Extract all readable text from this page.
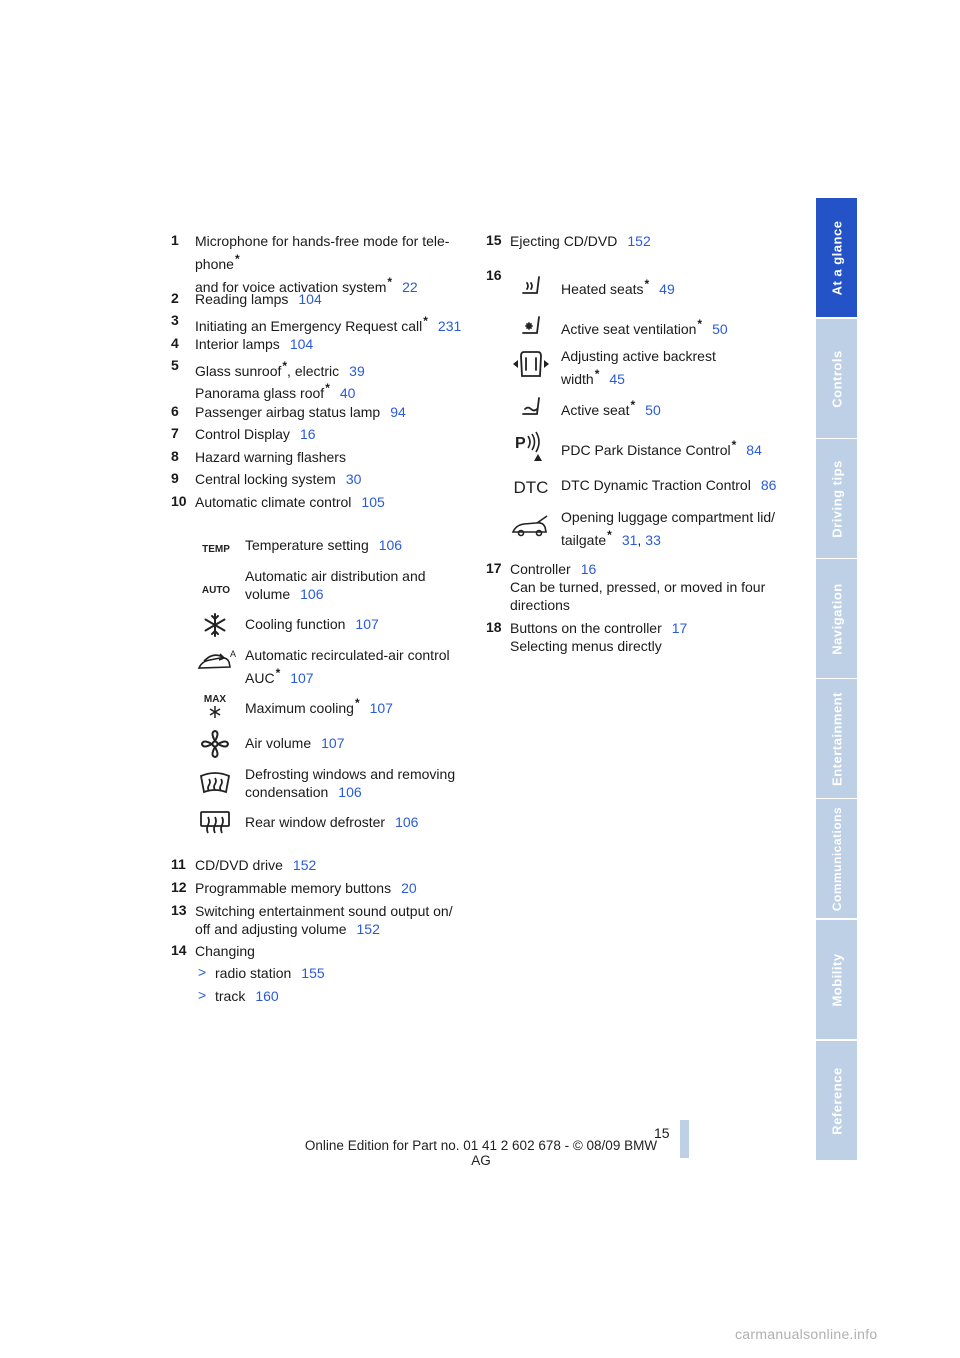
1 Microphone for hands-free mode for tele-
phone*
and for voice activation system* 22
2 Reading lamps 104
3 Initiating an Emergency Request call* 231
4 Interior lamps 104
5 Glass sunroof*, electric 39
Panorama glass roof* 40
6 Passenger airbag status lamp 94
7 Control Display 16
8 Hazard warning flashers
9 Central locking system 30
10 Automatic climate control 105
TEMP Temperature setting 106
AUTO
Automatic air distribution and
volume 106
Cooling function 107
A Automatic recirculated-air control
AUC* 107
MAX
Maximum cooling* 107
Air volume 107
Defrosting windows and removing
condensation 106
Rear window defroster 106
11 CD/DVD drive 152
12 Programmable memory buttons 20
13 Switching entertainment sound output on/
off and adjusting volume 152
14 Changing
> radio station 155
> track 160
15 Ejecting CD/DVD 152
16
Heated seats* 49
Active seat ventilation* 50
Adjusting active backrest
width* 45
Active seat* 50
P	PDC Park Distance Control* 84
DTC DTC Dynamic Traction Control 86
Opening luggage compartment lid/
tailgate* 31, 33
17 Controller 16
Can be turned, pressed, or moved in four
directions
18 Buttons on the controller 17
Selecting menus directly
At a glance
Controls
Driving tips
Navigation
Entertainment
Communications
Mobility
Reference
15
Online Edition for Part no. 01 41 2 602 678 - © 08/09 BMW AG
carmanualsonline.info
